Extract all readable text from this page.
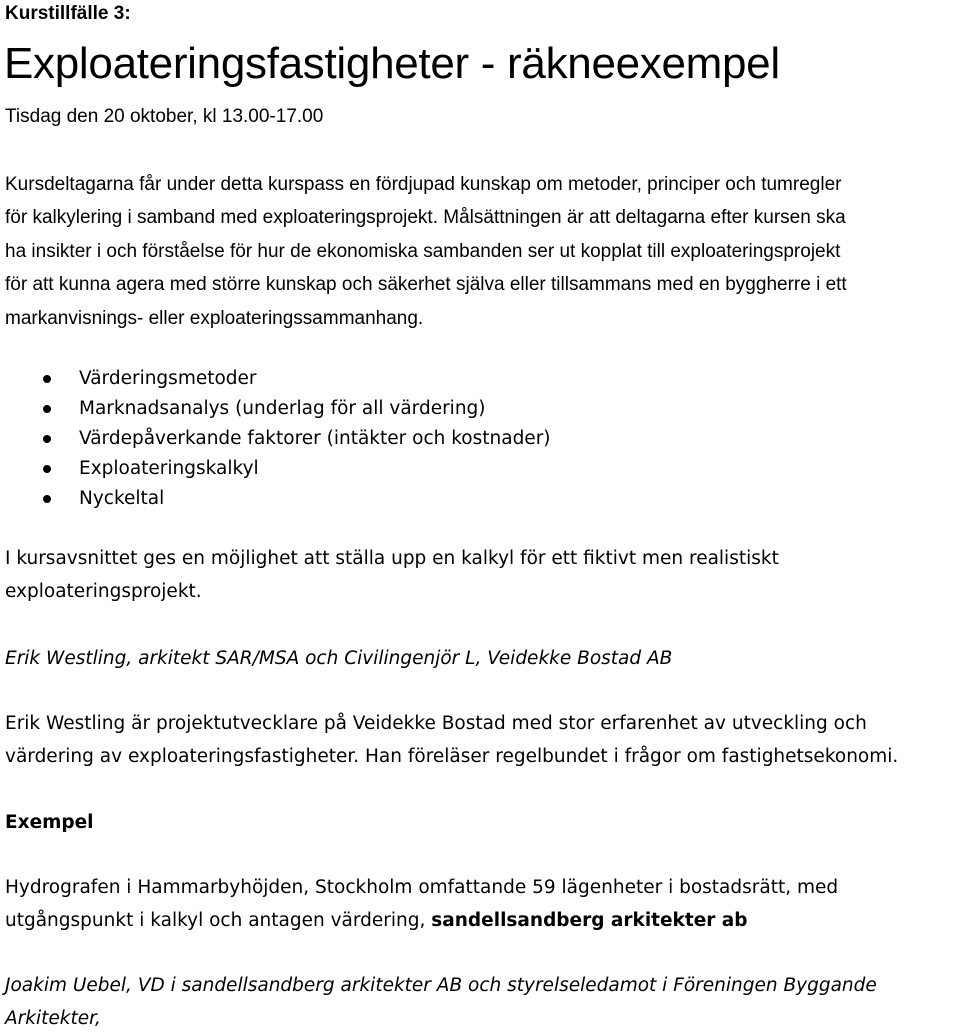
Kurstillfälle 3:
Exploateringsfastigheter - räkneexempel
Tisdag den 20 oktober, kl 13.00-17.00
Kursdeltagarna får under detta kurspass en fördjupad kunskap om metoder, principer och tumregler
för kalkylering i samband med exploateringsprojekt. Målsättningen är att deltagarna efter kursen ska
ha insikter i och förståelse för hur de ekonomiska sambanden ser ut kopplat till exploateringsprojekt
för att kunna agera med större kunskap och säkerhet själva eller tillsammans med en byggherre i ett
markanvisnings- eller exploateringssammanhang.
Värderingsmetoder
Marknadsanalys (underlag för all värdering)
Värdepåverkande faktorer (intäkter och kostnader)
Exploateringskalkyl
Nyckeltal
I kursavsnittet ges en möjlighet att ställa upp en kalkyl för ett fiktivt men realistiskt
exploateringsprojekt.
Erik Westling, arkitekt SAR/MSA och Civilingenjör L, Veidekke Bostad AB
Erik Westling är projektutvecklare på Veidekke Bostad med stor erfarenhet av utveckling och
värdering av exploateringsfastigheter. Han föreläser regelbundet i frågor om fastighetsekonomi.
Exempel
Hydrografen i Hammarbyhöjden, Stockholm omfattande 59 lägenheter i bostadsrätt, med
utgångspunkt i kalkyl och antagen värdering, sandellsandberg arkitekter ab
Joakim Uebel, VD i sandellsandberg arkitekter AB och styrelseledamot i Föreningen Byggande
Arkitekter,
